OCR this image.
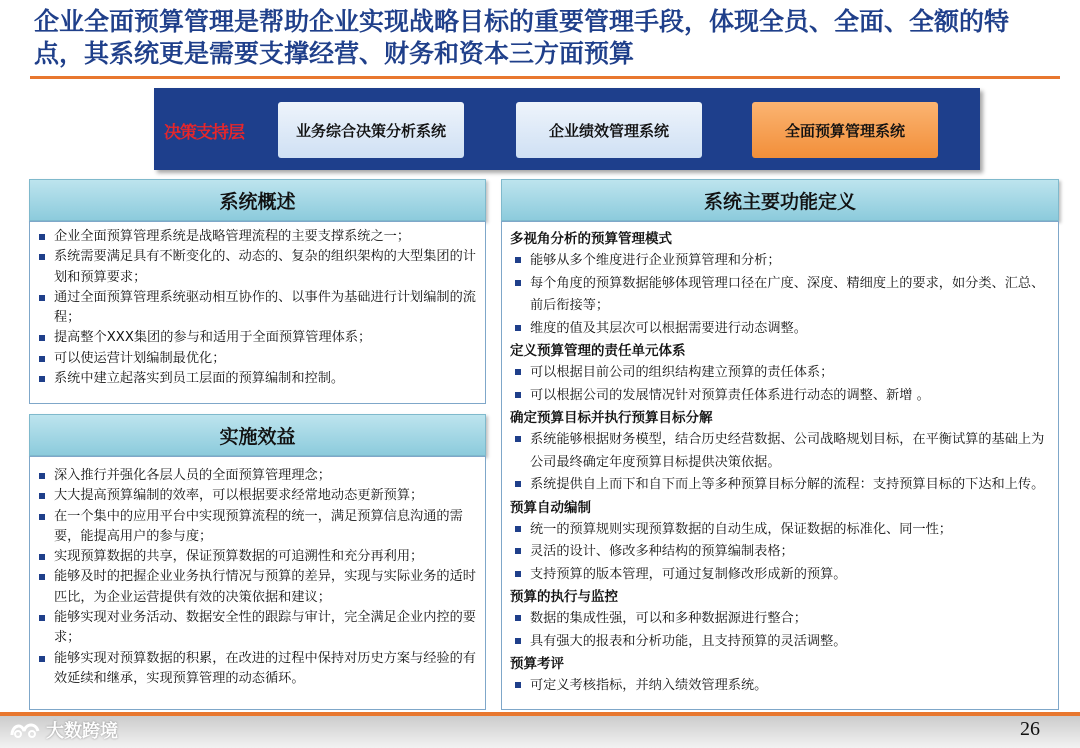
企业全面预算管理是帮助企业实现战略目标的重要管理手段，体现全员、全面、全额的特点，其系统更是需要支撑经营、财务和资本三方面预算
决策支持层	业务综合决策分析系统	企业绩效管理系统	全面预算管理系统
系统概述
企业全面预算管理系统是战略管理流程的主要支撑系统之一；
系统需要满足具有不断变化的、动态的、复杂的组织架构的大型集团的计划和预算要求；
通过全面预算管理系统驱动相互协作的、以事件为基础进行计划编制的流程；
提高整个XXX集团的参与和适用于全面预算管理体系；
可以使运营计划编制最优化；
系统中建立起落实到员工层面的预算编制和控制。
实施效益
深入推行并强化各层人员的全面预算管理理念；
大大提高预算编制的效率，可以根据要求经常地动态更新预算；
在一个集中的应用平台中实现预算流程的统一，满足预算信息沟通的需要，能提高用户的参与度；
实现预算数据的共享，保证预算数据的可追溯性和充分再利用；
能够及时的把握企业业务执行情况与预算的差异，实现与实际业务的适时匹比，为企业运营提供有效的决策依据和建议；
能够实现对业务活动、数据安全性的跟踪与审计，完全满足企业内控的要求；
能够实现对预算数据的积累，在改进的过程中保持对历史方案与经验的有效延续和继承，实现预算管理的动态循环。
系统主要功能定义
多视角分析的预算管理模式
能够从多个维度进行企业预算管理和分析；
每个角度的预算数据能够体现管理口径在广度、深度、精细度上的要求，如分类、汇总、前后衔接等；
维度的值及其层次可以根据需要进行动态调整。
定义预算管理的责任单元体系
可以根据目前公司的组织结构建立预算的责任体系；
可以根据公司的发展情况针对预算责任体系进行动态的调整、新增 。
确定预算目标并执行预算目标分解
系统能够根据财务模型，结合历史经营数据、公司战略规划目标，在平衡试算的基础上为公司最终确定年度预算目标提供决策依据。
系统提供自上而下和自下而上等多种预算目标分解的流程：支持预算目标的下达和上传。
预算自动编制
统一的预算规则实现预算数据的自动生成，保证数据的标准化、同一性；
灵活的设计、修改多种结构的预算编制表格；
支持预算的版本管理，可通过复制修改形成新的预算。
预算的执行与监控
数据的集成性强，可以和多种数据源进行整合；
具有强大的报表和分析功能，且支持预算的灵活调整。
预算考评
可定义考核指标，并纳入绩效管理系统。
大数跨境	26
